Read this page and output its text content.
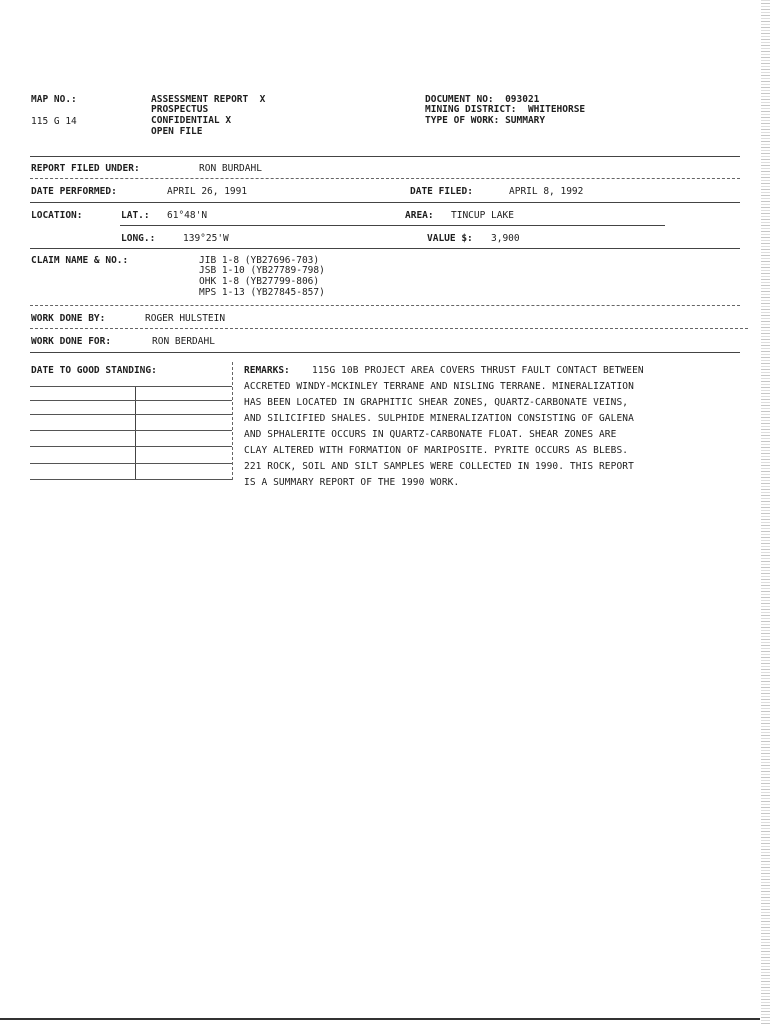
MAP NO.:
115 G 14
ASSESSMENT REPORT  X
PROSPECTUS
CONFIDENTIAL X
OPEN FILE
DOCUMENT NO:  093021
MINING DISTRICT:  WHITEHORSE
TYPE OF WORK: SUMMARY
REPORT FILED UNDER:	RON BURDAHL
DATE PERFORMED:	APRIL 26, 1991	DATE FILED:	APRIL 8, 1992
LOCATION:	LAT.: 61°48'N	AREA: TINCUP LAKE
LONG.:	139°25'W	VALUE $: 3,900
CLAIM NAME & NO.:	JIB 1-8 (YB27696-703)
JSB 1-10 (YB27789-798)
OHK 1-8 (YB27799-806)
MPS 1-13 (YB27845-857)
WORK DONE BY:	ROGER HULSTEIN
WORK DONE FOR:	RON BERDAHL
DATE TO GOOD STANDING:	REMARKS: 115G 10B PROJECT AREA COVERS THRUST FAULT CONTACT BETWEEN
ACCRETED WINDY-MCKINLEY TERRANE AND NISLING TERRANE. MINERALIZATION
HAS BEEN LOCATED IN GRAPHITIC SHEAR ZONES, QUARTZ-CARBONATE VEINS,
AND SILICIFIED SHALES. SULPHIDE MINERALIZATION CONSISTING OF GALENA
AND SPHALERITE OCCURS IN QUARTZ-CARBONATE FLOAT. SHEAR ZONES ARE
CLAY ALTERED WITH FORMATION OF MARIPOSITE. PYRITE OCCURS AS BLEBS.
221 ROCK, SOIL AND SILT SAMPLES WERE COLLECTED IN 1990. THIS REPORT
IS A SUMMARY REPORT OF THE 1990 WORK.
